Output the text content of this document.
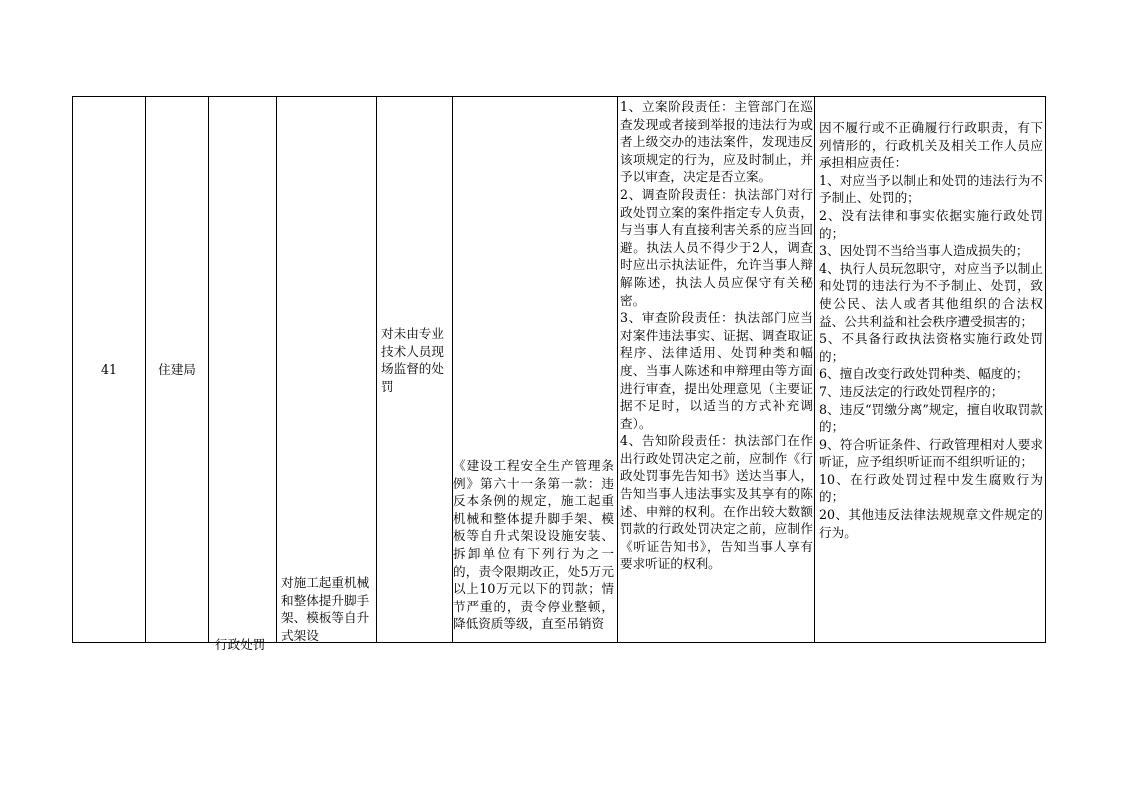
41	住建局
行政处罚
对施工起重机械和整体提升脚手架、模板等自升式架设
对未由专业技术人员现场监督的处罚
《建设工程安全生产管理条例》第六十一条第一款：违反本条例的规定，施工起重机械和整体提升脚手架、模板等自升式架设设施安装、拆卸单位有下列行为之一的，责令限期改正，处5万元以上10万元以下的罚款；情节严重的，责令停业整顿，降低资质等级，直至吊销资
1、立案阶段责任：主管部门在巡查发现或者接到举报的违法行为或者上级交办的违法案件，发现违反该项规定的行为，应及时制止，并予以审查，决定是否立案。
2、调查阶段责任：执法部门对行政处罚立案的案件指定专人负责，与当事人有直接利害关系的应当回避。执法人员不得少于2人，调查时应出示执法证件，允许当事人辩解陈述，执法人员应保守有关秘密。
3、审查阶段责任：执法部门应当对案件违法事实、证据、调查取证程序、法律适用、处罚种类和幅度、当事人陈述和申辩理由等方面进行审查，提出处理意见（主要证据不足时，以适当的方式补充调查）。
4、告知阶段责任：执法部门在作出行政处罚决定之前，应制作《行政处罚事先告知书》送达当事人，告知当事人违法事实及其享有的陈述、申辩的权利。在作出较大数额罚款的行政处罚决定之前，应制作《听证告知书》，告知当事人享有要求听证的权利。
因不履行或不正确履行行政职责，有下列情形的，行政机关及相关工作人员应承担相应责任：
1、对应当予以制止和处罚的违法行为不予制止、处罚的；
2、没有法律和事实依据实施行政处罚的；
3、因处罚不当给当事人造成损失的；
4、执行人员玩忽职守，对应当予以制止和处罚的违法行为不予制止、处罚，致使公民、法人或者其他组织的合法权益、公共利益和社会秩序遭受损害的；
5、不具备行政执法资格实施行政处罚的；
6、擅自改变行政处罚种类、幅度的；
7、违反法定的行政处罚程序的；
8、违反“罚缴分离”规定，擅自收取罚款的；
9、符合听证条件、行政管理相对人要求听证，应予组织听证而不组织听证的；
10、在行政处罚过程中发生腐败行为的；
20、其他违反法律法规规章文件规定的行为。
